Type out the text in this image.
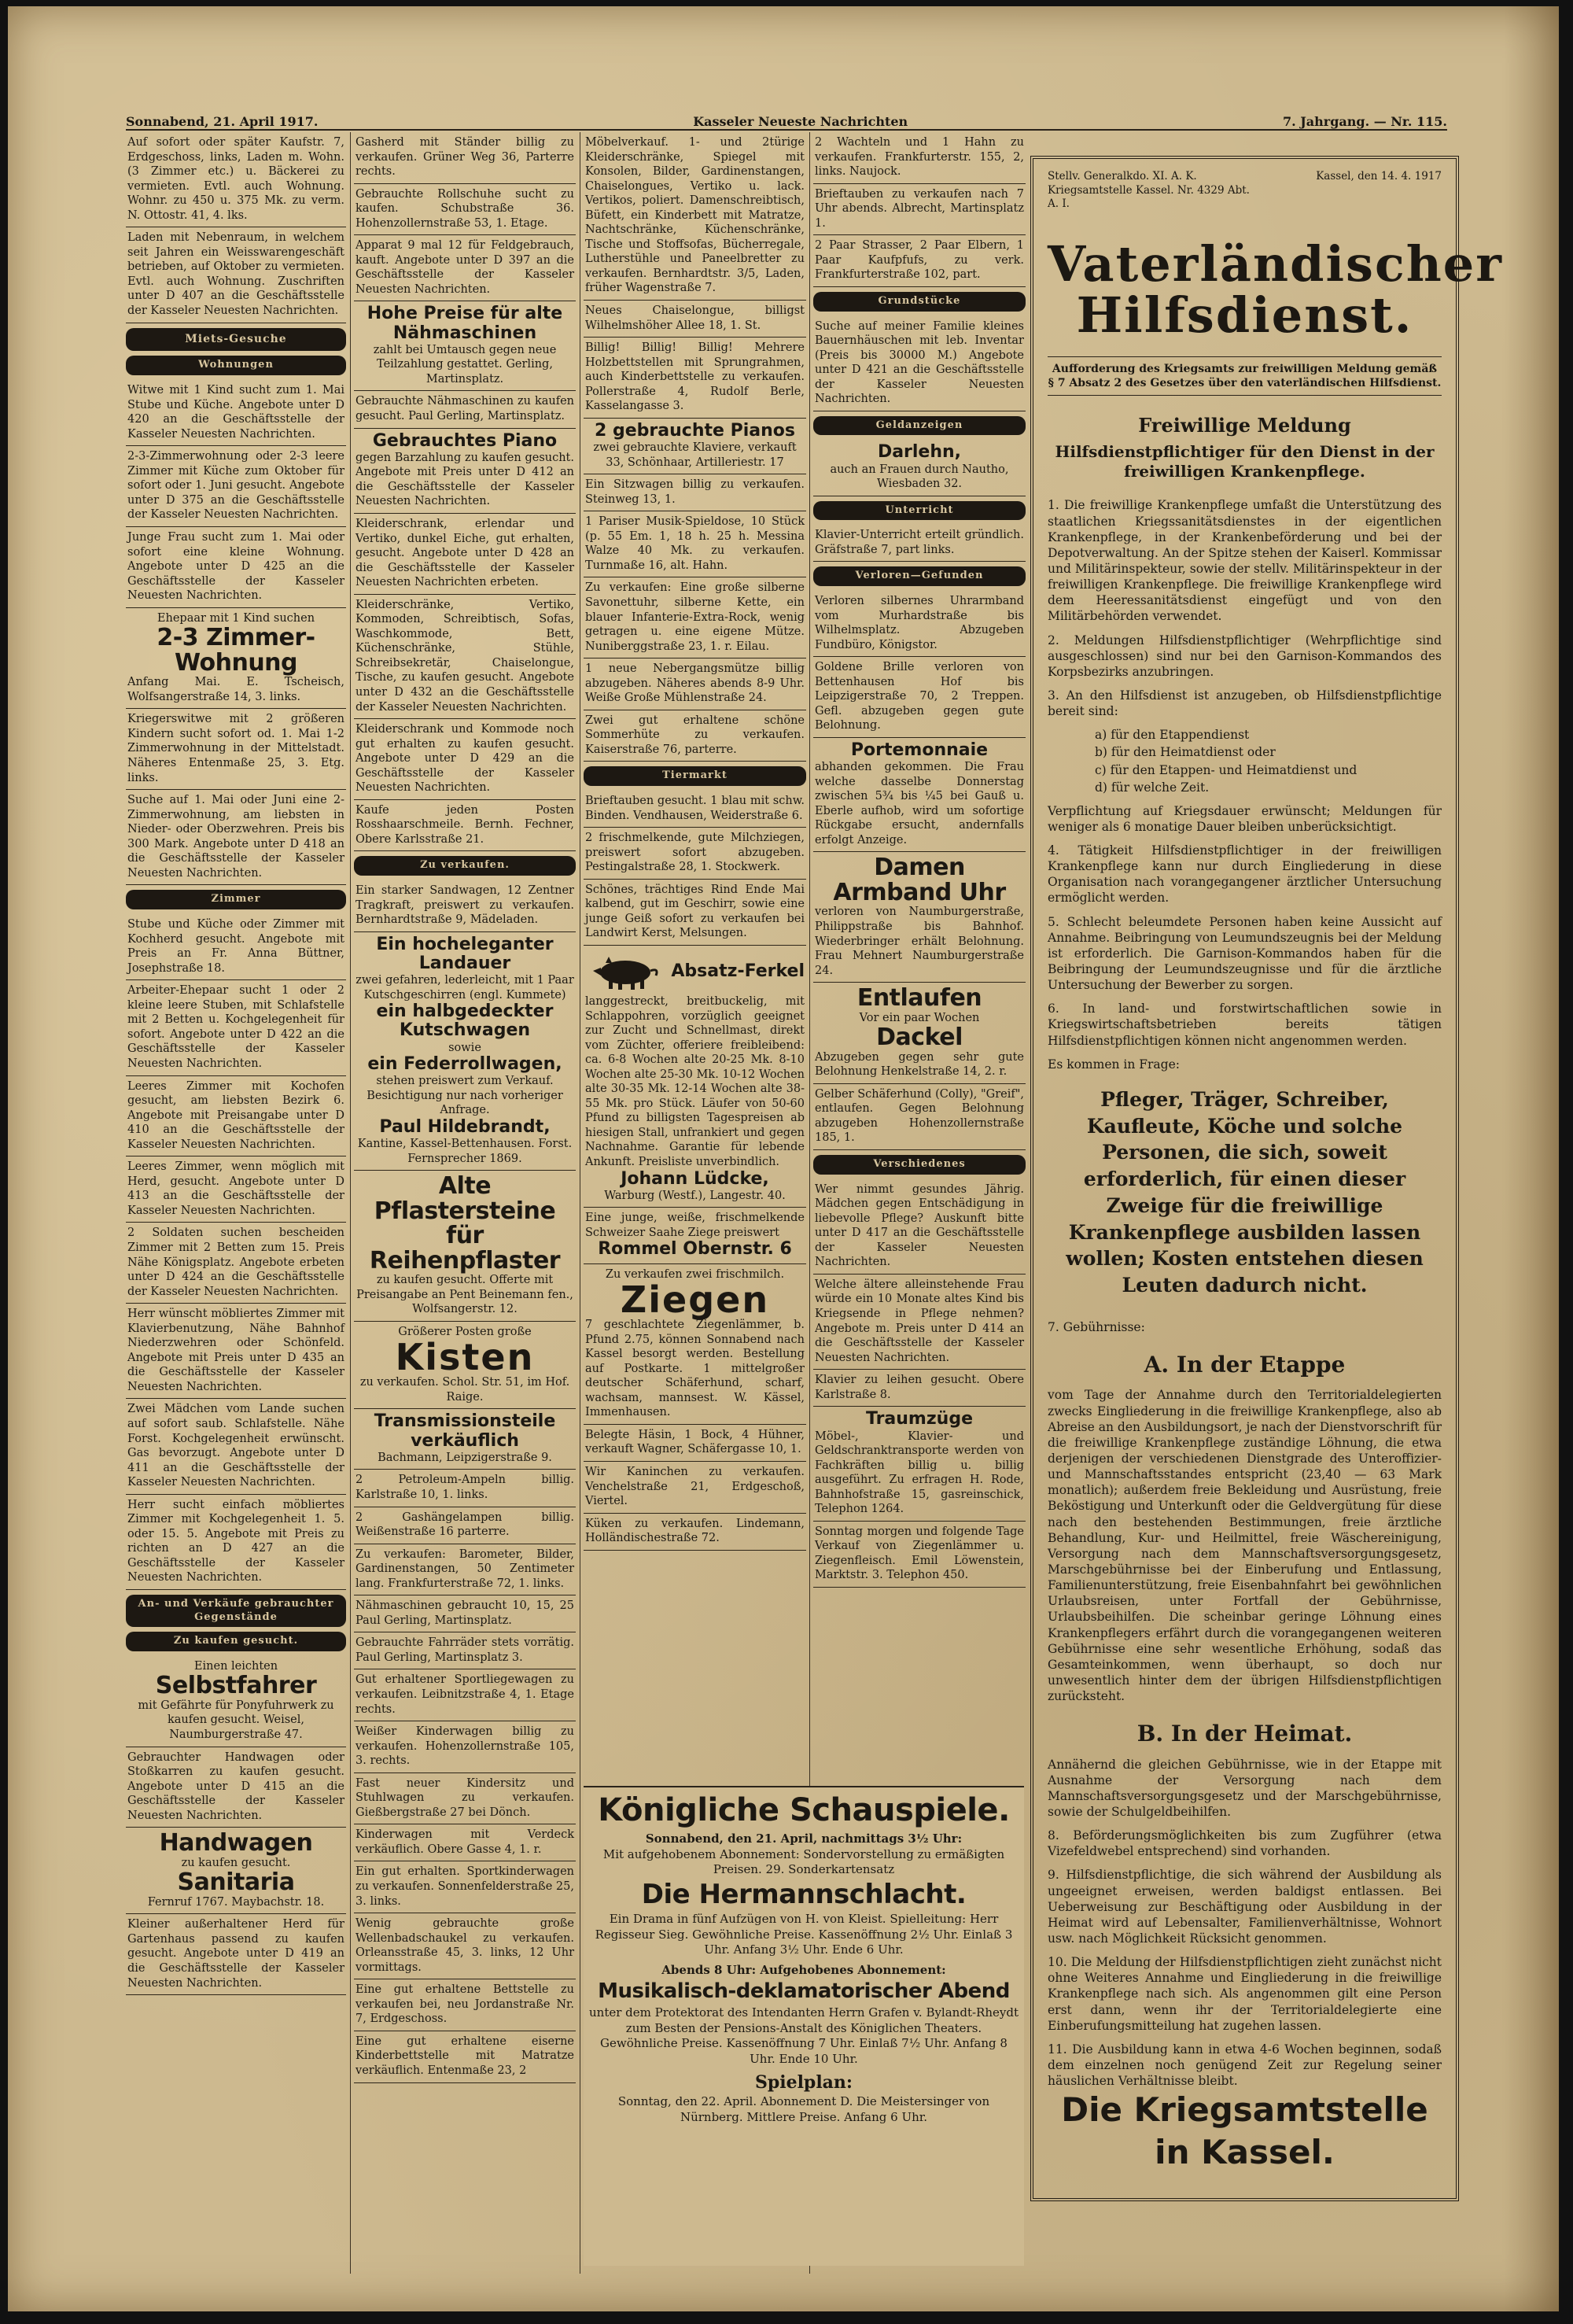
Sonnabend, 21. April 1917.	Kasseler Neueste Nachrichten	7. Jahrgang. — Nr. 115.

Auf sofort oder später Kaufstr. 7, Erdgeschoss, links, Laden m. Wohn. (3 Zimmer etc.) u. Bäckerei zu vermieten. Evtl. auch Wohnung. Wohnr. zu 450 u. 375 Mk. zu verm. N. Ottostr. 41, 4. lks.

Laden mit Nebenraum, in welchem seit Jahren ein Weisswarengeschäft betrieben, auf Oktober zu vermieten. Evtl. auch Wohnung. Zuschriften unter D 407 an die Geschäftsstelle der Kasseler Neuesten Nachrichten.

Miets-Gesuche
Wohnungen

Witwe mit 1 Kind sucht zum 1. Mai Stube und Küche. Angebote unter D 420 an die Geschäftsstelle der Kasseler Neuesten Nachrichten.

2-3-Zimmerwohnung oder 2-3 leere Zimmer mit Küche zum Oktober für sofort oder 1. Juni gesucht. Angebote unter D 375 an die Geschäftsstelle der Kasseler Neuesten Nachrichten.

Junge Frau sucht zum 1. Mai oder sofort eine kleine Wohnung. Angebote unter D 425 an die Geschäftsstelle der Kasseler Neuesten Nachrichten.

Ehepaar mit 1 Kind suchen

2-3 Zimmer-Wohnung

Anfang Mai. E. Tscheisch, Wolfsangerstraße 14, 3. links.

Kriegerswitwe mit 2 größeren Kindern sucht sofort od. 1. Mai 1-2 Zimmerwohnung in der Mittelstadt. Näheres Entenmaße 25, 3. Etg. links.

Suche auf 1. Mai oder Juni eine 2-Zimmerwohnung, am liebsten in Nieder- oder Oberzwehren. Preis bis 300 Mark. Angebote unter D 418 an die Geschäftsstelle der Kasseler Neuesten Nachrichten.

Zimmer

Stube und Küche oder Zimmer mit Kochherd gesucht. Angebote mit Preis an Fr. Anna Büttner, Josephstraße 18.

Arbeiter-Ehepaar sucht 1 oder 2 kleine leere Stuben, mit Schlafstelle mit 2 Betten u. Kochgelegenheit für sofort. Angebote unter D 422 an die Geschäftsstelle der Kasseler Neuesten Nachrichten.

Leeres Zimmer mit Kochofen gesucht, am liebsten Bezirk 6. Angebote mit Preisangabe unter D 410 an die Geschäftsstelle der Kasseler Neuesten Nachrichten.

Leeres Zimmer, wenn möglich mit Herd, gesucht. Angebote unter D 413 an die Geschäftsstelle der Kasseler Neuesten Nachrichten.

2 Soldaten suchen bescheiden Zimmer mit 2 Betten zum 15. Preis Nähe Königsplatz. Angebote erbeten unter D 424 an die Geschäftsstelle der Kasseler Neuesten Nachrichten.

Herr wünscht möbliertes Zimmer mit Klavierbenutzung, Nähe Bahnhof Niederzwehren oder Schönfeld. Angebote mit Preis unter D 435 an die Geschäftsstelle der Kasseler Neuesten Nachrichten.

Zwei Mädchen vom Lande suchen auf sofort saub. Schlafstelle. Nähe Forst. Kochgelegenheit erwünscht. Gas bevorzugt. Angebote unter D 411 an die Geschäftsstelle der Kasseler Neuesten Nachrichten.

Herr sucht einfach möbliertes Zimmer mit Kochgelegenheit 1. 5. oder 15. 5. Angebote mit Preis zu richten an D 427 an die Geschäftsstelle der Kasseler Neuesten Nachrichten.

An- und Verkäufe gebrauchter Gegenstände
Zu kaufen gesucht.

Einen leichten

Selbstfahrer

mit Gefährte für Ponyfuhrwerk zu kaufen gesucht. Weisel, Naumburgerstraße 47.

Gebrauchter Handwagen oder Stoßkarren zu kaufen gesucht. Angebote unter D 415 an die Geschäftsstelle der Kasseler Neuesten Nachrichten.

Handwagen

zu kaufen gesucht.

Sanitaria

Fernruf 1767. Maybachstr. 18.

Kleiner außerhaltener Herd für Gartenhaus passend zu kaufen gesucht. Angebote unter D 419 an die Geschäftsstelle der Kasseler Neuesten Nachrichten.

Gasherd mit Ständer billig zu verkaufen. Grüner Weg 36, Parterre rechts.

Gebrauchte Rollschuhe sucht zu kaufen. Schubstraße 36. Hohenzollernstraße 53, 1. Etage.

Apparat 9 mal 12 für Feldgebrauch, kauft. Angebote unter D 397 an die Geschäftsstelle der Kasseler Neuesten Nachrichten.

Hohe Preise für alte Nähmaschinen

zahlt bei Umtausch gegen neue Teilzahlung gestattet. Gerling, Martinsplatz.

Gebrauchte Nähmaschinen zu kaufen gesucht. Paul Gerling, Martinsplatz.

Gebrauchtes Piano

gegen Barzahlung zu kaufen gesucht. Angebote mit Preis unter D 412 an die Geschäftsstelle der Kasseler Neuesten Nachrichten.

Kleiderschrank, erlendar und Vertiko, dunkel Eiche, gut erhalten, gesucht. Angebote unter D 428 an die Geschäftsstelle der Kasseler Neuesten Nachrichten erbeten.

Kleiderschränke, Vertiko, Kommoden, Schreibtisch, Sofas, Waschkommode, Bett, Küchenschränke, Stühle, Schreibsekretär, Chaiselongue, Tische, zu kaufen gesucht. Angebote unter D 432 an die Geschäftsstelle der Kasseler Neuesten Nachrichten.

Kleiderschrank und Kommode noch gut erhalten zu kaufen gesucht. Angebote unter D 429 an die Geschäftsstelle der Kasseler Neuesten Nachrichten.

Kaufe jeden Posten Rosshaarschmeile. Bernh. Fechner, Obere Karlsstraße 21.

Zu verkaufen.

Ein starker Sandwagen, 12 Zentner Tragkraft, preiswert zu verkaufen. Bernhardtstraße 9, Mädeladen.

Ein hocheleganter Landauer

zwei gefahren, lederleicht, mit 1 Paar Kutschgeschirren (engl. Kummete)

ein halbgedeckter Kutschwagen

sowie

ein Federrollwagen,

stehen preiswert zum Verkauf. Besichtigung nur nach vorheriger Anfrage.

Paul Hildebrandt,

Kantine, Kassel-Bettenhausen. Forst. Fernsprecher 1869.

Alte Pflastersteine für Reihenpflaster

zu kaufen gesucht. Offerte mit Preisangabe an Pent Beinemann fen., Wolfsangerstr. 12.

Größerer Posten große

Kisten

zu verkaufen. Schol. Str. 51, im Hof. Raige.

Transmissionsteile verkäuflich

Bachmann, Leipzigerstraße 9.

2 Petroleum-Ampeln billig. Karlstraße 10, 1. links.

2 Gashängelampen billig. Weißenstraße 16 parterre.

Zu verkaufen: Barometer, Bilder, Gardinenstangen, 50 Zentimeter lang. Frankfurterstraße 72, 1. links.

Nähmaschinen gebraucht 10, 15, 25 Paul Gerling, Martinsplatz.

Gebrauchte Fahrräder stets vorrätig. Paul Gerling, Martinsplatz 3.

Gut erhaltener Sportliegewagen zu verkaufen. Leibnitzstraße 4, 1. Etage rechts.

Weißer Kinderwagen billig zu verkaufen. Hohenzollernstraße 105, 3. rechts.

Fast neuer Kindersitz und Stuhlwagen zu verkaufen. Gießbergstraße 27 bei Dönch.

Kinderwagen mit Verdeck verkäuflich. Obere Gasse 4, 1. r.

Ein gut erhalten. Sportkinderwagen zu verkaufen. Sonnenfelderstraße 25, 3. links.

Wenig gebrauchte große Wellenbadschaukel zu verkaufen. Orleansstraße 45, 3. links, 12 Uhr vormittags.

Eine gut erhaltene Bettstelle zu verkaufen bei, neu Jordanstraße Nr. 7, Erdgeschoss.

Eine gut erhaltene eiserne Kinderbettstelle mit Matratze verkäuflich. Entenmaße 23, 2

Möbelverkauf. 1- und 2türige Kleiderschränke, Spiegel mit Konsolen, Bilder, Gardinenstangen, Chaiselongues, Vertiko u. lack. Vertikos, poliert. Damenschreibtisch, Büfett, ein Kinderbett mit Matratze, Nachtschränke, Küchenschränke, Tische und Stoffsofas, Bücherregale, Lutherstühle und Paneelbretter zu verkaufen. Bernhardtstr. 3/5, Laden, früher Wagenstraße 7.

Neues Chaiselongue, billigst Wilhelmshöher Allee 18, 1. St.

Billig! Billig! Billig! Mehrere Holzbettstellen mit Sprungrahmen, auch Kinderbettstelle zu verkaufen. Pollerstraße 4, Rudolf Berle, Kasselangasse 3.

2 gebrauchte Pianos

zwei gebrauchte Klaviere, verkauft 33, Schönhaar, Artilleriestr. 17

Ein Sitzwagen billig zu verkaufen. Steinweg 13, 1.

1 Pariser Musik-Spieldose, 10 Stück (p. 55 Em. 1, 18 h. 25 h. Messina Walze 40 Mk. zu verkaufen. Turnmaße 16, alt. Hahn.

Zu verkaufen: Eine große silberne Savonettuhr, silberne Kette, ein blauer Infanterie-Extra-Rock, wenig getragen u. eine eigene Mütze. Nuniberggstraße 23, 1. r. Eilau.

1 neue Nebergangsmütze billig abzugeben. Näheres abends 8-9 Uhr. Weiße Große Mühlenstraße 24.

Zwei gut erhaltene schöne Sommerhüte zu verkaufen. Kaiserstraße 76, parterre.

Tiermarkt

Brieftauben gesucht. 1 blau mit schw. Binden. Vendhausen, Weiderstraße 6.

2 frischmelkende, gute Milchziegen, preiswert sofort abzugeben. Pestingalstraße 28, 1. Stockwerk.

Schönes, trächtiges Rind Ende Mai kalbend, gut im Geschirr, sowie eine junge Geiß sofort zu verkaufen bei Landwirt Kerst, Melsungen.

Absatz-Ferkel

langgestreckt, breitbuckelig, mit Schlappohren, vorzüglich geeignet zur Zucht und Schnellmast, direkt vom Züchter, offeriere freibleibend: ca. 6-8 Wochen alte 20-25 Mk. 8-10 Wochen alte 25-30 Mk. 10-12 Wochen alte 30-35 Mk. 12-14 Wochen alte 38-55 Mk. pro Stück. Läufer von 50-60 Pfund zu billigsten Tagespreisen ab hiesigen Stall, unfrankiert und gegen Nachnahme. Garantie für lebende Ankunft. Preisliste unverbindlich.

Johann Lüdcke,

Warburg (Westf.), Langestr. 40.

Eine junge, weiße, frischmelkende Schweizer Saahe Ziege preiswert

Rommel Obernstr. 6

Zu verkaufen zwei frischmilch.

Ziegen

7 geschlachtete Ziegenlämmer, b. Pfund 2.75, können Sonnabend nach Kassel besorgt werden. Bestellung auf Postkarte. 1 mittelgroßer deutscher Schäferhund, scharf, wachsam, mannsest. W. Kässel, Immenhausen.

Belegte Häsin, 1 Bock, 4 Hühner, verkauft Wagner, Schäfergasse 10, 1.

Wir Kaninchen zu verkaufen. Venchelstraße 21, Erdgeschoß, Viertel.

Küken zu verkaufen. Lindemann, Holländischestraße 72.

Königliche Schauspiele.
Sonnabend, den 21. April, nachmittags 3½ Uhr:
Mit aufgehobenem Abonnement: Sondervorstellung zu ermäßigten Preisen. 29. Sonderkartensatz
Die Hermannschlacht.
Ein Drama in fünf Aufzügen von H. von Kleist. Spielleitung: Herr Regisseur Sieg. Gewöhnliche Preise. Kassenöffnung 2½ Uhr. Einlaß 3 Uhr. Anfang 3½ Uhr. Ende 6 Uhr.
Abends 8 Uhr: Aufgehobenes Abonnement:
Musikalisch-deklamatorischer Abend
unter dem Protektorat des Intendanten Herrn Grafen v. Bylandt-Rheydt zum Besten der Pensions-Anstalt des Königlichen Theaters. Gewöhnliche Preise. Kassenöffnung 7 Uhr. Einlaß 7½ Uhr. Anfang 8 Uhr. Ende 10 Uhr.
Spielplan:
Sonntag, den 22. April. Abonnement D. Die Meistersinger von Nürnberg. Mittlere Preise. Anfang 6 Uhr.

2 Wachteln und 1 Hahn zu verkaufen. Frankfurterstr. 155, 2, links. Naujock.

Brieftauben zu verkaufen nach 7 Uhr abends. Albrecht, Martinsplatz 1.

2 Paar Strasser, 2 Paar Elbern, 1 Paar Kaufpfufs, zu verk. Frankfurterstraße 102, part.

Grundstücke

Suche auf meiner Familie kleines Bauernhäuschen mit leb. Inventar (Preis bis 30000 M.) Angebote unter D 421 an die Geschäftsstelle der Kasseler Neuesten Nachrichten.

Geldanzeigen

Darlehn,

auch an Frauen durch Nautho, Wiesbaden 32.

Unterricht

Klavier-Unterricht erteilt gründlich. Gräfstraße 7, part links.

Verloren—Gefunden

Verloren silbernes Uhrarmband vom Murhardstraße bis Wilhelmsplatz. Abzugeben Fundbüro, Königstor.

Goldene Brille verloren von Bettenhausen Hof bis Leipzigerstraße 70, 2 Treppen. Gefl. abzugeben gegen gute Belohnung.

Portemonnaie

abhanden gekommen. Die Frau welche dasselbe Donnerstag zwischen 5¾ bis ¼5 bei Gauß u. Eberle aufhob, wird um sofortige Rückgabe ersucht, andernfalls erfolgt Anzeige.

Damen Armband Uhr

verloren von Naumburgerstraße, Philippstraße bis Bahnhof. Wiederbringer erhält Belohnung. Frau Mehnert Naumburgerstraße 24.

Entlaufen

Vor ein paar Wochen

Dackel

Abzugeben gegen sehr gute Belohnung Henkelstraße 14, 2. r.

Gelber Schäferhund (Colly), "Greif", entlaufen. Gegen Belohnung abzugeben Hohenzollernstraße 185, 1.

Verschiedenes

Wer nimmt gesundes Jährig. Mädchen gegen Entschädigung in liebevolle Pflege? Auskunft bitte unter D 417 an die Geschäftsstelle der Kasseler Neuesten Nachrichten.

Welche ältere alleinstehende Frau würde ein 10 Monate altes Kind bis Kriegsende in Pflege nehmen? Angebote m. Preis unter D 414 an die Geschäftsstelle der Kasseler Neuesten Nachrichten.

Klavier zu leihen gesucht. Obere Karlstraße 8.

Traumzüge

Möbel-, Klavier- und Geldschranktransporte werden von Fachkräften billig u. billig ausgeführt. Zu erfragen H. Rode, Bahnhofstraße 15, gasreinschick, Telephon 1264.

Sonntag morgen und folgende Tage Verkauf von Ziegenlämmer u. Ziegenfleisch. Emil Löwenstein, Marktstr. 3. Telephon 450.

Stellv. Generalkdo. XI. A. K. Kriegsamtstelle Kassel. Nr. 4329 Abt. A. I.
Kassel, den 14. 4. 1917
Vaterländischer Hilfsdienst.
Aufforderung des Kriegsamts zur freiwilligen Meldung gemäß § 7 Absatz 2 des Gesetzes über den vaterländischen Hilfsdienst.
Freiwillige Meldung
Hilfsdienstpflichtiger für den Dienst in der freiwilligen Krankenpflege.
1. Die freiwillige Krankenpflege umfaßt die Unterstützung des staatlichen Kriegssanitätsdienstes in der eigentlichen Krankenpflege, in der Krankenbeförderung und bei der Depotverwaltung. An der Spitze stehen der Kaiserl. Kommissar und Militärinspekteur, sowie der stellv. Militärinspekteur in der freiwilligen Krankenpflege. Die freiwillige Krankenpflege wird dem Heeressanitätsdienst eingefügt und von den Militärbehörden verwendet.
2. Meldungen Hilfsdienstpflichtiger (Wehrpflichtige sind ausgeschlossen) sind nur bei den Garnison-Kommandos des Korpsbezirks anzubringen.
3. An den Hilfsdienst ist anzugeben, ob Hilfsdienstpflichtige bereit sind:
a) für den Etappendienst
b) für den Heimatdienst oder
c) für den Etappen- und Heimatdienst und
d) für welche Zeit.
Verpflichtung auf Kriegsdauer erwünscht; Meldungen für weniger als 6 monatige Dauer bleiben unberücksichtigt.
4. Tätigkeit Hilfsdienstpflichtiger in der freiwilligen Krankenpflege kann nur durch Eingliederung in diese Organisation nach vorangegangener ärztlicher Untersuchung ermöglicht werden.
5. Schlecht beleumdete Personen haben keine Aussicht auf Annahme. Beibringung von Leumundszeugnis bei der Meldung ist erforderlich. Die Garnison-Kommandos haben für die Beibringung der Leumundszeugnisse und für die ärztliche Untersuchung der Bewerber zu sorgen.
6. In land- und forstwirtschaftlichen sowie in Kriegswirtschaftsbetrieben bereits tätigen Hilfsdienstpflichtigen können nicht angenommen werden.
Es kommen in Frage:
Pfleger, Träger, Schreiber, Kaufleute, Köche und solche Personen, die sich, soweit erforderlich, für einen dieser Zweige für die freiwillige Krankenpflege ausbilden lassen wollen; Kosten entstehen diesen Leuten dadurch nicht.
7. Gebührnisse:
A. In der Etappe
vom Tage der Annahme durch den Territorialdelegierten zwecks Eingliederung in die freiwillige Krankenpflege, also ab Abreise an den Ausbildungsort, je nach der Dienstvorschrift für die freiwillige Krankenpflege zuständige Löhnung, die etwa derjenigen der verschiedenen Dienstgrade des Unteroffizier- und Mannschaftsstandes entspricht (23,40 — 63 Mark monatlich); außerdem freie Bekleidung und Ausrüstung, freie Beköstigung und Unterkunft oder die Geldvergütung für diese nach den bestehenden Bestimmungen, freie ärztliche Behandlung, Kur- und Heilmittel, freie Wäschereinigung, Versorgung nach dem Mannschaftsversorgungsgesetz, Marschgebührnisse bei der Einberufung und Entlassung, Familienunterstützung, freie Eisenbahnfahrt bei gewöhnlichen Urlaubsreisen, unter Fortfall der Gebührnisse, Urlaubsbeihilfen. Die scheinbar geringe Löhnung eines Krankenpflegers erfährt durch die vorangegangenen weiteren Gebührnisse eine sehr wesentliche Erhöhung, sodaß das Gesamteinkommen, wenn überhaupt, so doch nur unwesentlich hinter dem der übrigen Hilfsdienstpflichtigen zurücksteht.
B. In der Heimat.
Annähernd die gleichen Gebührnisse, wie in der Etappe mit Ausnahme der Versorgung nach dem Mannschaftsversorgungsgesetz und der Marschgebührnisse, sowie der Schulgeldbeihilfen.
8. Beförderungsmöglichkeiten bis zum Zugführer (etwa Vizefeldwebel entsprechend) sind vorhanden.
9. Hilfsdienstpflichtige, die sich während der Ausbildung als ungeeignet erweisen, werden baldigst entlassen. Bei Ueberweisung zur Beschäftigung oder Ausbildung in der Heimat wird auf Lebensalter, Familienverhältnisse, Wohnort usw. nach Möglichkeit Rücksicht genommen.
10. Die Meldung der Hilfsdienstpflichtigen zieht zunächst nicht ohne Weiteres Annahme und Eingliederung in die freiwillige Krankenpflege nach sich. Als angenommen gilt eine Person erst dann, wenn ihr der Territorialdelegierte eine Einberufungsmitteilung hat zugehen lassen.
11. Die Ausbildung kann in etwa 4-6 Wochen beginnen, sodaß dem einzelnen noch genügend Zeit zur Regelung seiner häuslichen Verhältnisse bleibt.
Die Kriegsamtstelle in Kassel.
